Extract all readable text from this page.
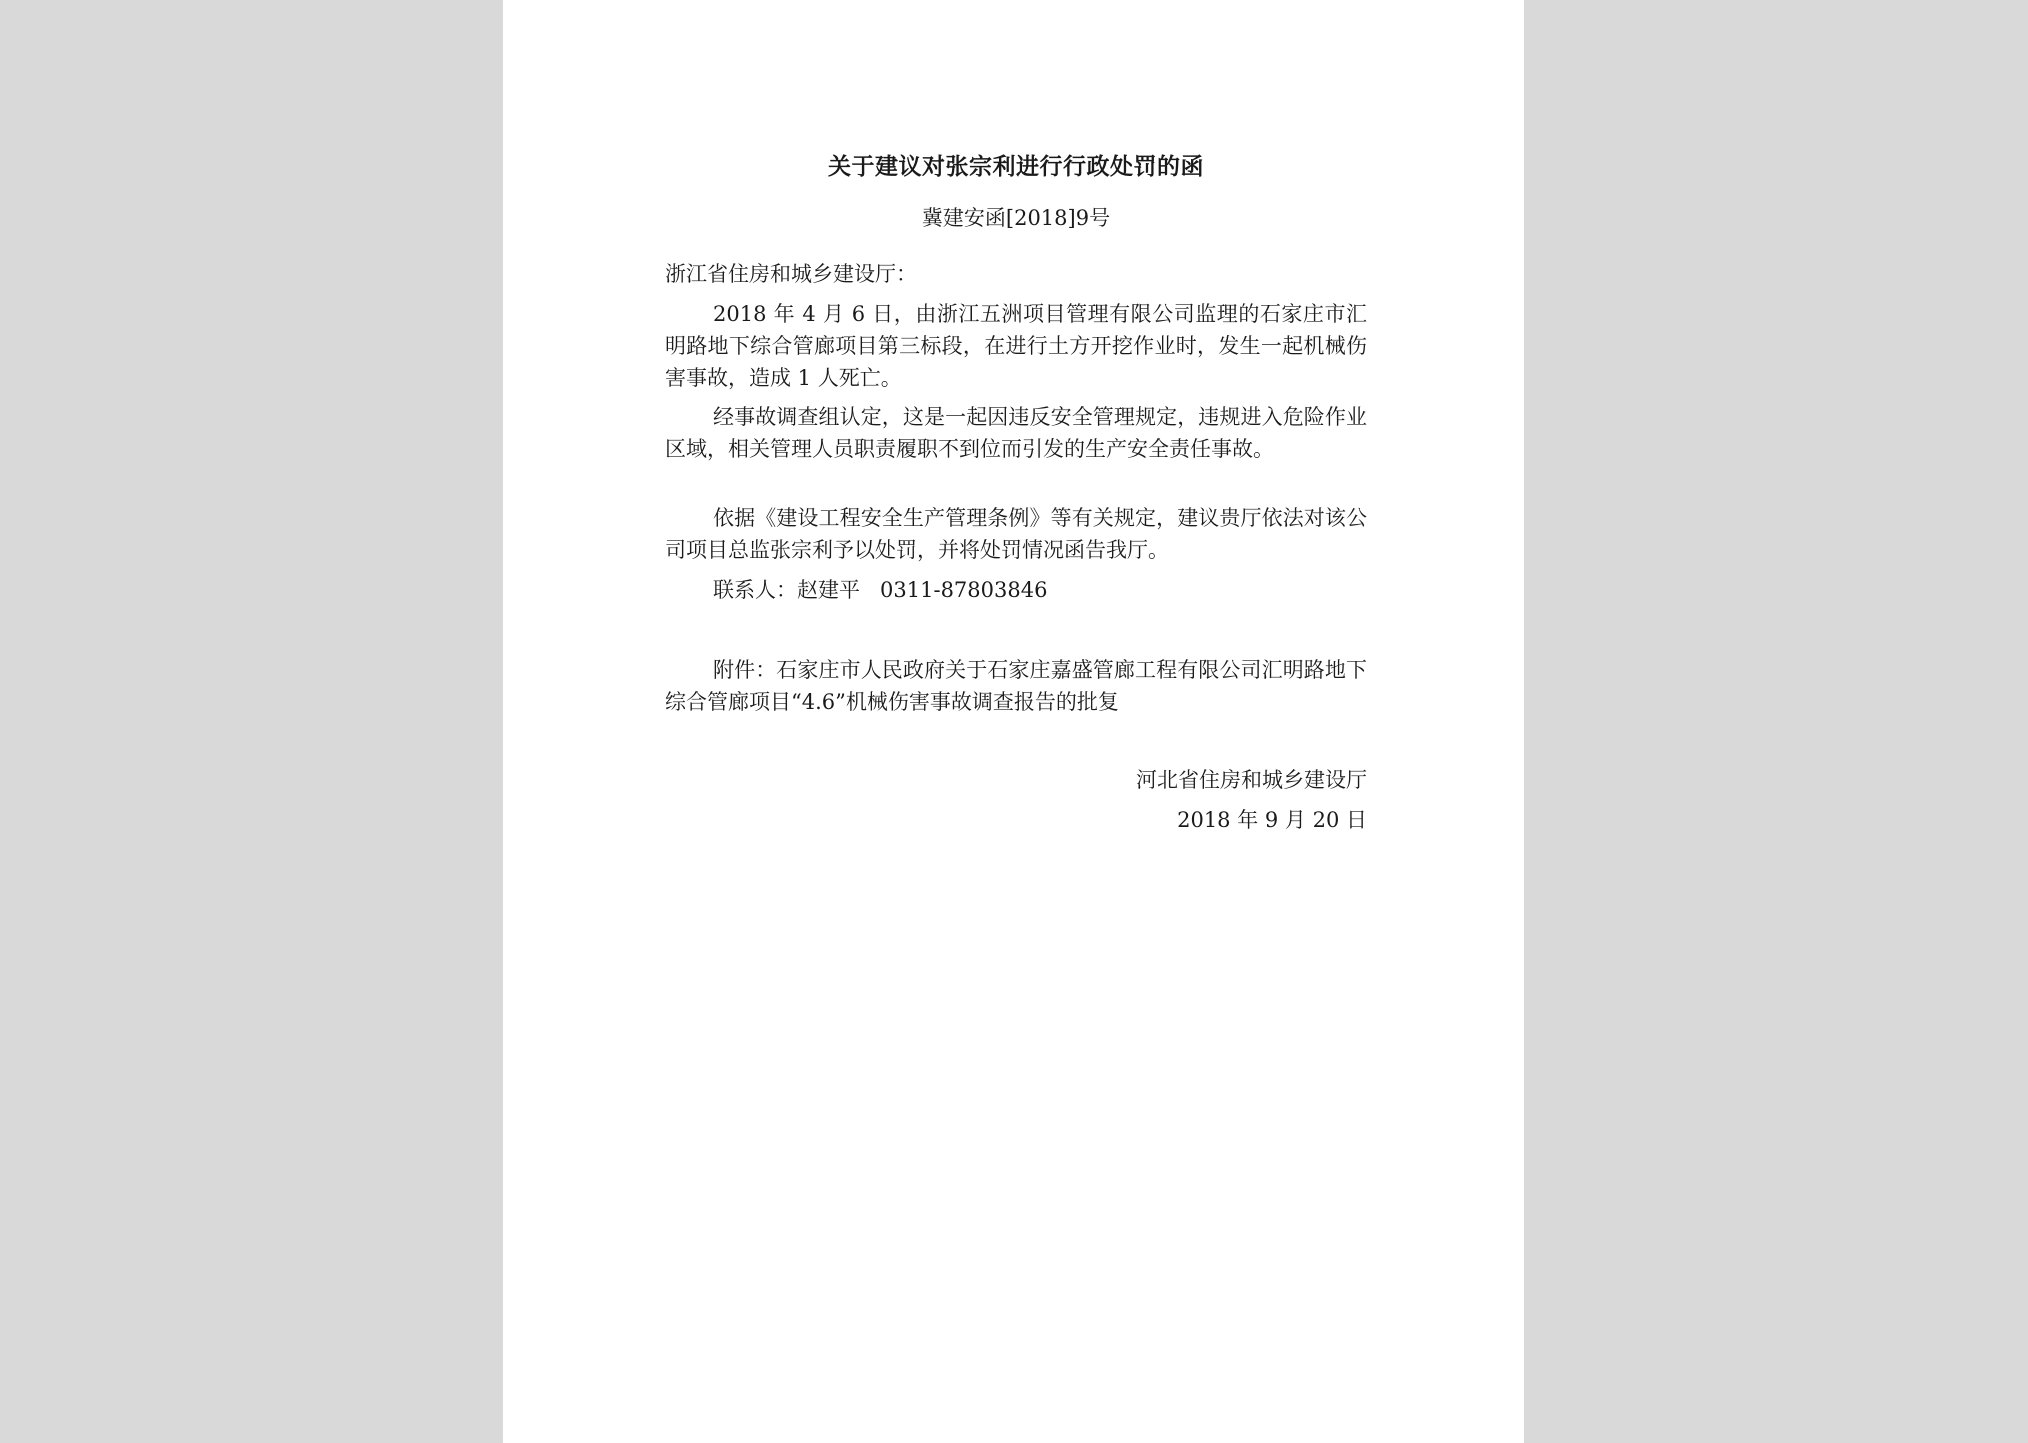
关于建议对张宗利进行行政处罚的函
冀建安函[2018]9号
浙江省住房和城乡建设厅：
2018 年 4 月 6 日，由浙江五洲项目管理有限公司监理的石家庄市汇明路地下综合管廊项目第三标段，在进行土方开挖作业时，发生一起机械伤害事故，造成 1 人死亡。
经事故调查组认定，这是一起因违反安全管理规定，违规进入危险作业区域，相关管理人员职责履职不到位而引发的生产安全责任事故。
依据《建设工程安全生产管理条例》等有关规定，建议贵厅依法对该公司项目总监张宗利予以处罚，并将处罚情况函告我厅。
联系人：赵建平   0311-87803846
附件：石家庄市人民政府关于石家庄嘉盛管廊工程有限公司汇明路地下综合管廊项目“4.6”机械伤害事故调查报告的批复
河北省住房和城乡建设厅
2018 年 9 月 20 日
